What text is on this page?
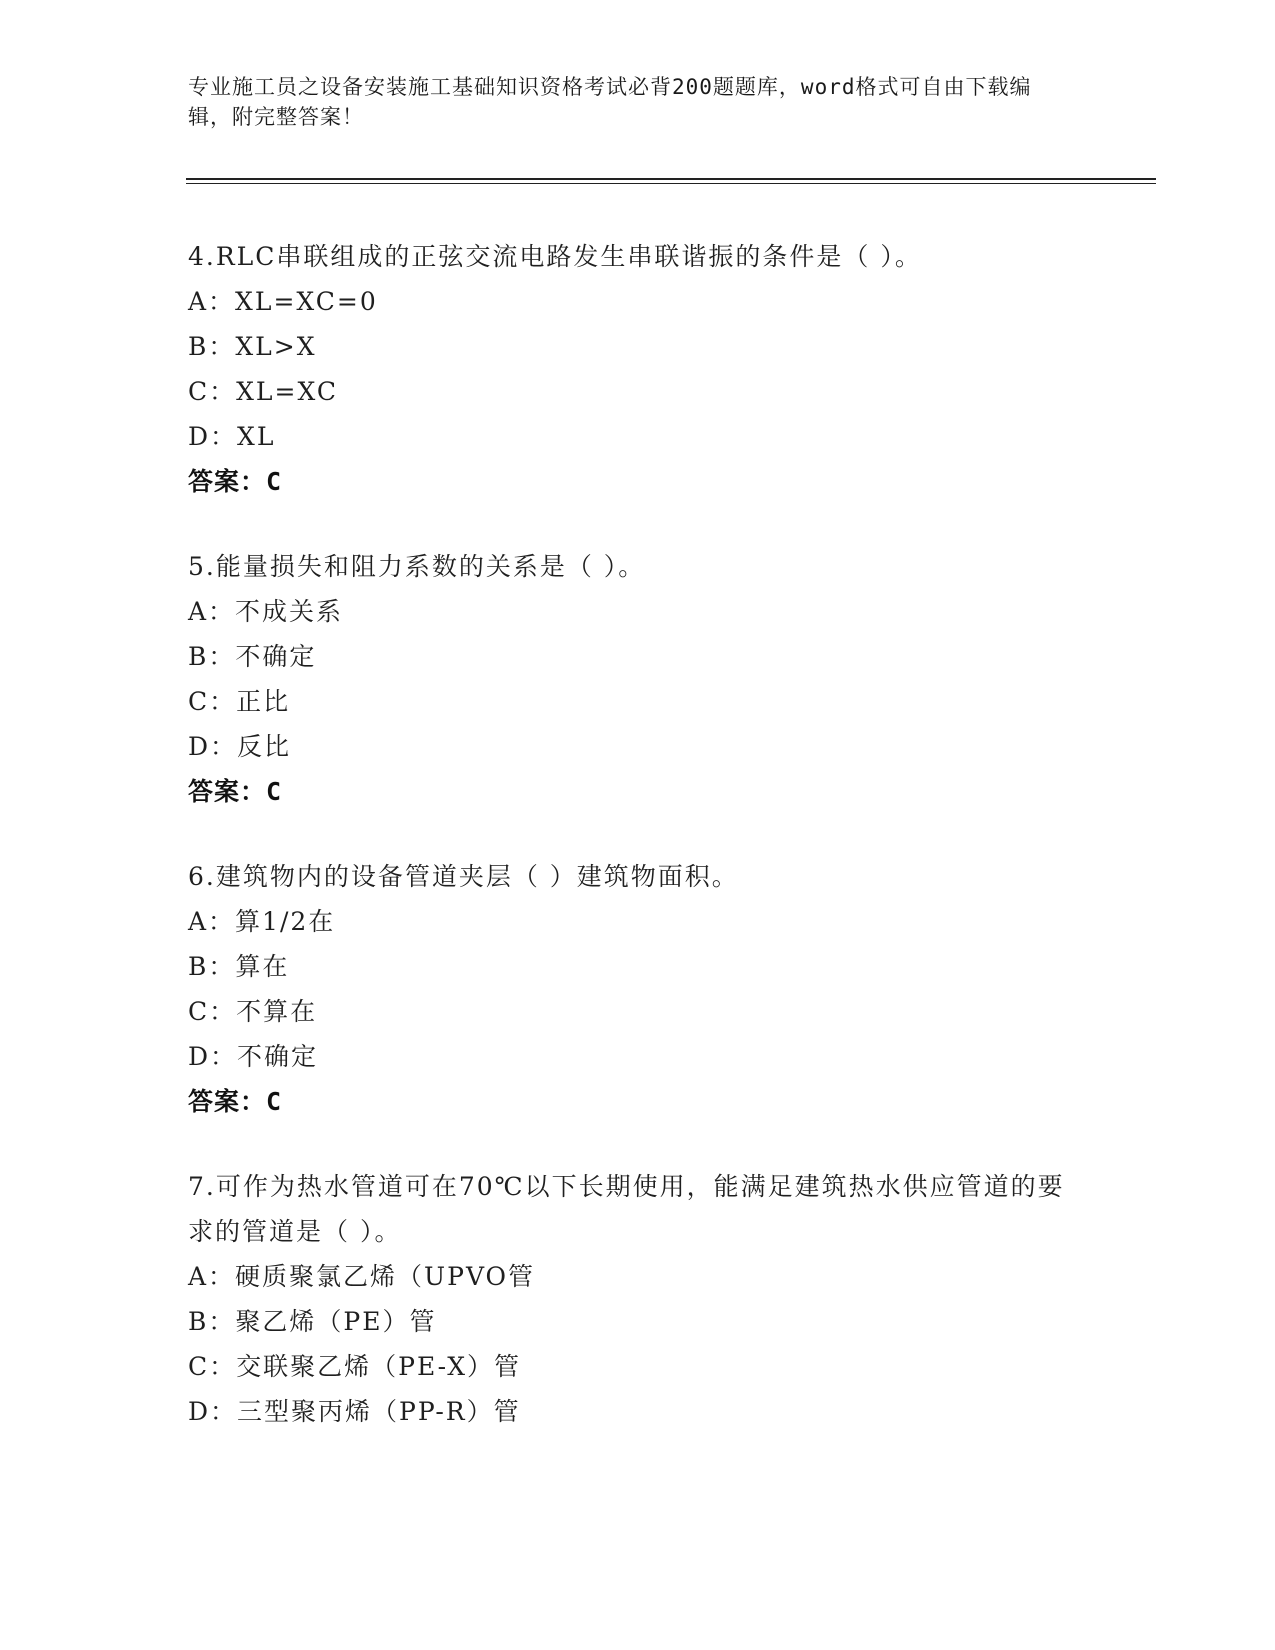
专业施工员之设备安装施工基础知识资格考试必背200题题库，word格式可自由下载编辑，附完整答案！
4.RLC串联组成的正弦交流电路发生串联谐振的条件是（ ）。
A：XL=XC=0
B：XL>X
C：XL=XC
D：XL
答案：C
5.能量损失和阻力系数的关系是（ ）。
A：不成关系
B：不确定
C：正比
D：反比
答案：C
6.建筑物内的设备管道夹层（ ）建筑物面积。
A：算1/2在
B：算在
C：不算在
D：不确定
答案：C
7.可作为热水管道可在70℃以下长期使用，能满足建筑热水供应管道的要求的管道是（ ）。
A：硬质聚氯乙烯（UPVO管
B：聚乙烯（PE）管
C：交联聚乙烯（PE-X）管
D：三型聚丙烯（PP-R）管
